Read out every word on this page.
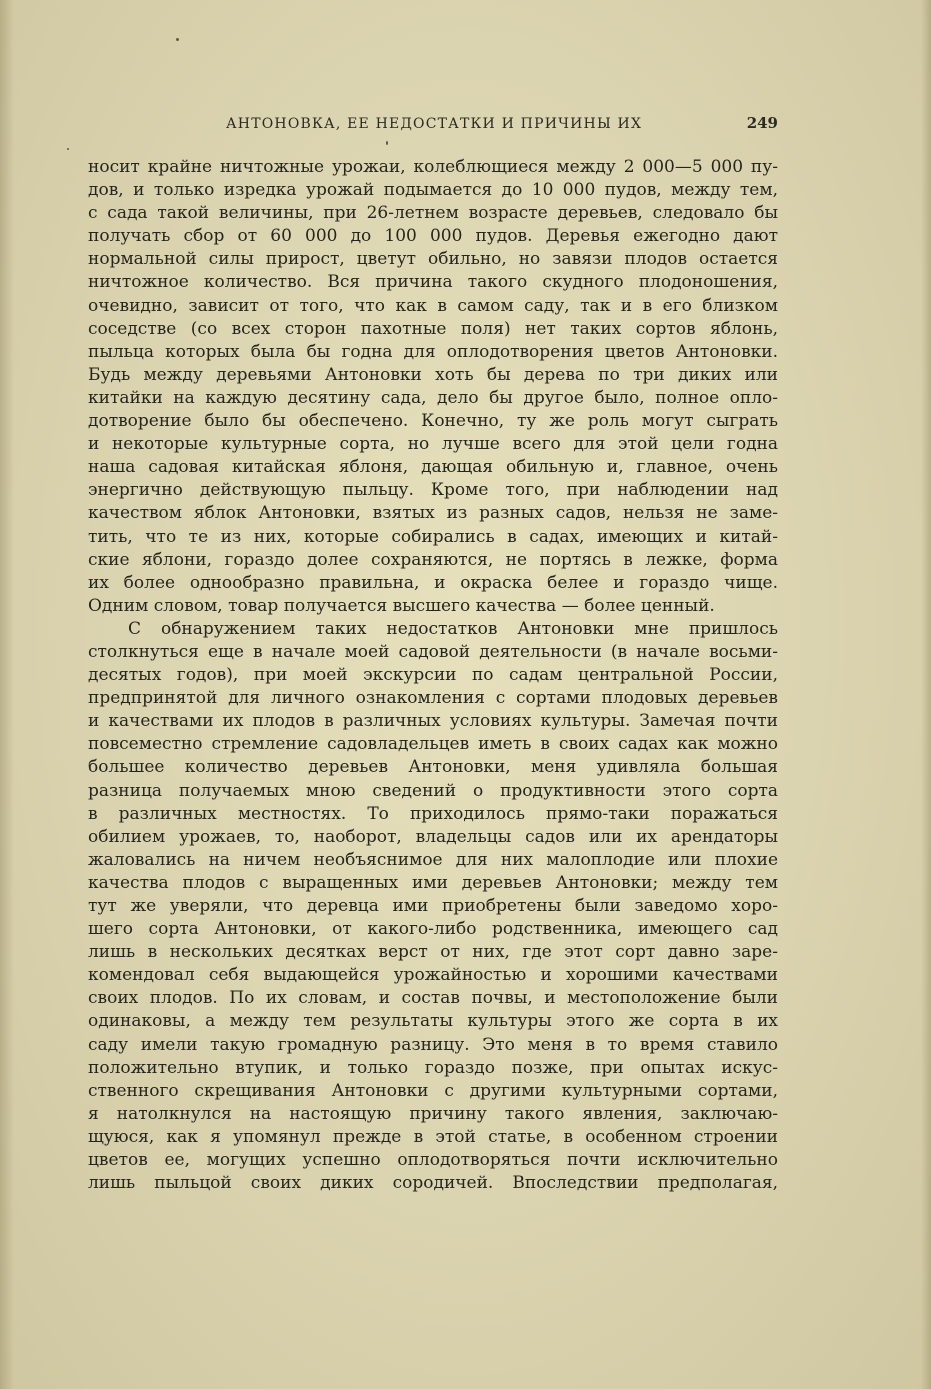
АНТОНОВКА, ЕЕ НЕДОСТАТКИ И ПРИЧИНЫ ИХ	249
носит крайне ничтожные урожаи, колеблющиеся между 2 000—5 000 пу-
дов, и только изредка урожай подымается до 10 000 пудов, между тем,
с сада такой величины, при 26-летнем возрасте деревьев, следовало бы
получать сбор от 60 000 до 100 000 пудов. Деревья ежегодно дают
нормальной силы прирост, цветут обильно, но завязи плодов остается
ничтожное количество. Вся причина такого скудного плодоношения,
очевидно, зависит от того, что как в самом саду, так и в его близком
соседстве (со всех сторон пахотные поля) нет таких сортов яблонь,
пыльца которых была бы годна для оплодотворения цветов Антоновки.
Будь между деревьями Антоновки хоть бы дерева по три диких или
китайки на каждую десятину сада, дело бы другое было, полное опло-
дотворение было бы обеспечено. Конечно, ту же роль могут сыграть
и некоторые культурные сорта, но лучше всего для этой цели годна
наша садовая китайская яблоня, дающая обильную и, главное, очень
энергично действующую пыльцу. Кроме того, при наблюдении над
качеством яблок Антоновки, взятых из разных садов, нельзя не заме-
тить, что те из них, которые собирались в садах, имеющих и китай-
ские яблони, гораздо долее сохраняются, не портясь в лежке, форма
их более однообразно правильна, и окраска белее и гораздо чище.
Одним словом, товар получается высшего качества — более ценный.
С обнаружением таких недостатков Антоновки мне пришлось
столкнуться еще в начале моей садовой деятельности (в начале восьми-
десятых годов), при моей экскурсии по садам центральной России,
предпринятой для личного ознакомления с сортами плодовых деревьев
и качествами их плодов в различных условиях культуры. Замечая почти
повсеместно стремление садовладельцев иметь в своих садах как можно
большее количество деревьев Антоновки, меня удивляла большая
разница получаемых мною сведений о продуктивности этого сорта
в различных местностях. То приходилось прямо-таки поражаться
обилием урожаев, то, наоборот, владельцы садов или их арендаторы
жаловались на ничем необъяснимое для них малоплодие или плохие
качества плодов с выращенных ими деревьев Антоновки; между тем
тут же уверяли, что деревца ими приобретены были заведомо хоро-
шего сорта Антоновки, от какого-либо родственника, имеющего сад
лишь в нескольких десятках верст от них, где этот сорт давно заре-
комендовал себя выдающейся урожайностью и хорошими качествами
своих плодов. По их словам, и состав почвы, и местоположение были
одинаковы, а между тем результаты культуры этого же сорта в их
саду имели такую громадную разницу. Это меня в то время ставило
положительно втупик, и только гораздо позже, при опытах искус-
ственного скрещивания Антоновки с другими культурными сортами,
я натолкнулся на настоящую причину такого явления, заключаю-
щуюся, как я упомянул прежде в этой статье, в особенном строении
цветов ее, могущих успешно оплодотворяться почти исключительно
лишь пыльцой своих диких сородичей. Впоследствии предполагая,
